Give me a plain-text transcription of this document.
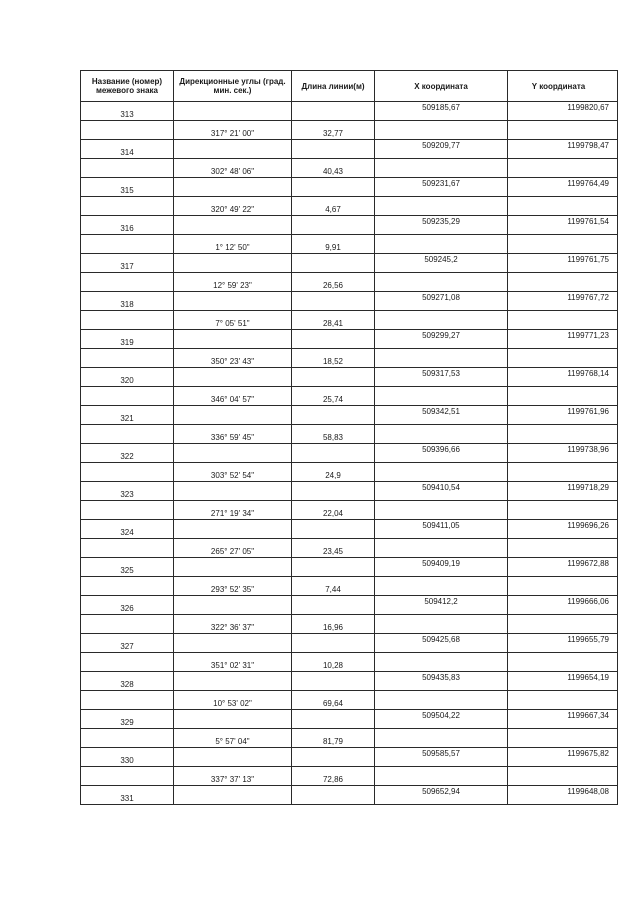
Название (номер) межевого знака	Дирекционные углы (град. мин. сек.)	Длина линии(м)	X координата	Y координата
313			509185,67	1199820,67
	317° 21' 00"	32,77		
314			509209,77	1199798,47
	302° 48' 06"	40,43		
315			509231,67	1199764,49
	320° 49' 22"	4,67		
316			509235,29	1199761,54
	1° 12' 50"	9,91		
317			509245,2	1199761,75
	12° 59' 23"	26,56		
318			509271,08	1199767,72
	7° 05' 51"	28,41		
319			509299,27	1199771,23
	350° 23' 43"	18,52		
320			509317,53	1199768,14
	346° 04' 57"	25,74		
321			509342,51	1199761,96
	336° 59' 45"	58,83		
322			509396,66	1199738,96
	303° 52' 54"	24,9		
323			509410,54	1199718,29
	271° 19' 34"	22,04		
324			509411,05	1199696,26
	265° 27' 05"	23,45		
325			509409,19	1199672,88
	293° 52' 35"	7,44		
326			509412,2	1199666,06
	322° 36' 37"	16,96		
327			509425,68	1199655,79
	351° 02' 31"	10,28		
328			509435,83	1199654,19
	10° 53' 02"	69,64		
329			509504,22	1199667,34
	5° 57' 04"	81,79		
330			509585,57	1199675,82
	337° 37' 13"	72,86		
331			509652,94	1199648,08
